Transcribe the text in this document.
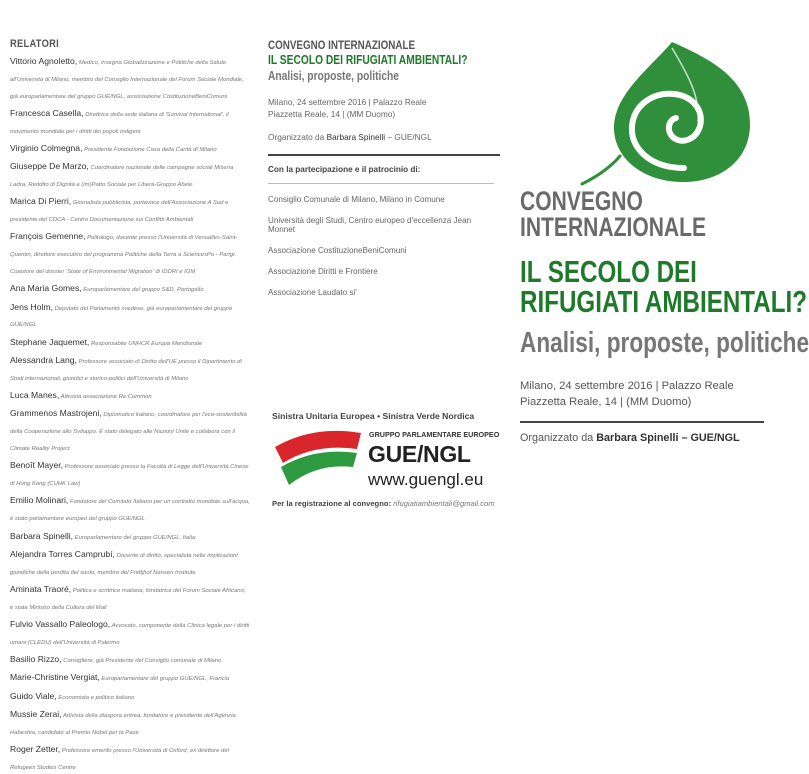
RELATORI
Vittorio Agnoletto, Medico, insegna Globalizzazione e Politiche della Salute all'Università di Milano, membro del Consiglio Internazionale del Forum Sociale Mondiale, già europarlamentare del gruppo GUE/NGL, associazione CostituzioneBeniComuni
Francesca Casella, Direttrice della sede italiana di 'Survival International', il movimento mondiale per i diritti dei popoli indigeni
Virginio Colmegna, Presidente Fondazione Casa della Carità di Milano
Giuseppe De Marzo, Coordinatore nazionale delle campagne sociali Miseria Ladra, Reddito di Dignità e (im)Patto Sociale per Libera-Gruppo Abele
Marica Di Pierri, Giornalista pubblicista, portavoce dell'Associazione A Sud e presidente del CDCA - Centro Documentazione sui Conflitti Ambientali
François Gemenne, Politologo, docente presso l'Università di Versailles-Saint-Quentin, direttore esecutivo del programma Politiche della Terra a SciencesPo - Parigi. Coautore del dossier 'State of Environmental Migration' di IDDRI e IOM
Ana Maria Gomes, Europarlamentare del gruppo S&D, Portogallo
Jens Holm, Deputato del Parlamento svedese, già europarlamentare del gruppo GUE/NGL
Stephane Jaquemet, Responsabile UNHCR Europa Meridionale
Alessandra Lang, Professore associato di Diritto dell'UE presso il Dipartimento di Studi internazionali, giuridici e storico-politici dell'Università di Milano
Luca Manes, Attivista associazione Re:Common
Grammenos Mastrojeni, Diplomatico italiano, coordinatore per l'eco-sostenibilità della Cooperazione allo Sviluppo. È stato delegato alle Nazioni Unite e collabora con il Climate Reality Project
Benoît Mayer, Professore associato presso la Facoltà di Legge dell'Università Cinese di Hong Kong (CUHK Law)
Emilio Molinari, Fondatore del Comitato Italiano per un contratto mondiale sull'acqua, è stato parlamentare europeo del gruppo GUE/NGL
Barbara Spinelli, Europarlamentare del gruppo GUE/NGL, Italia
Alejandra Torres Camprubí, Docente di diritto, specialista nelle implicazioni giuridiche della perdita del suolo, membro del Fridtjhof Nansen Institute
Aminata Traoré, Politica e scrittrice maliana, fondatrice del Forum Sociale Africano, è stata Ministro della Cultura del Mali
Fulvio Vassallo Paleologo, Avvocato, componente della Clinica legale per i diritti umani (CLEDU) dell'Università di Palermo
Basilio Rizzo, Consigliere, già Presidente del Consiglio comunale di Milano
Marie-Christine Vergiat, Europarlamentare del gruppo GUE/NGL, Francia
Guido Viale, Economista e politico italiano
Mussie Zerai, Attivista della diaspora eritrea, fondatore e presidente dell'Agenzia Habeshia, candidato al Premio Nobel per la Pace
Roger Zetter, Professore emerito presso l'Università di Oxford, ex direttore del Refugees Studies Centre
CONVEGNO INTERNAZIONALE
IL SECOLO DEI RIFUGIATI AMBIENTALI?
Analisi, proposte, politiche
Milano, 24 settembre 2016 | Palazzo Reale
Piazzetta Reale, 14 | (MM Duomo)
Organizzato da Barbara Spinelli – GUE/NGL
Con la partecipazione e il patrocinio di:
Consiglio Comunale di Milano, Milano in Comune
Università degli Studi, Centro europeo d'eccellenza Jean Monnet
Associazione CostituzioneBeniComuni
Associazione Diritti e Frontiere
Associazione Laudato si'
Sinistra Unitaria Europea • Sinistra Verde Nordica
GRUPPO PARLAMENTARE EUROPEO
GUE/NGL
www.guengl.eu
Per la registrazione al convegno: rifugiatiambientali@gmail.com
CONVEGNO
INTERNAZIONALE
IL SECOLO DEI
RIFUGIATI AMBIENTALI?
Analisi, proposte, politiche
Milano, 24 settembre 2016 | Palazzo Reale
Piazzetta Reale, 14 | (MM Duomo)
Organizzato da Barbara Spinelli – GUE/NGL
